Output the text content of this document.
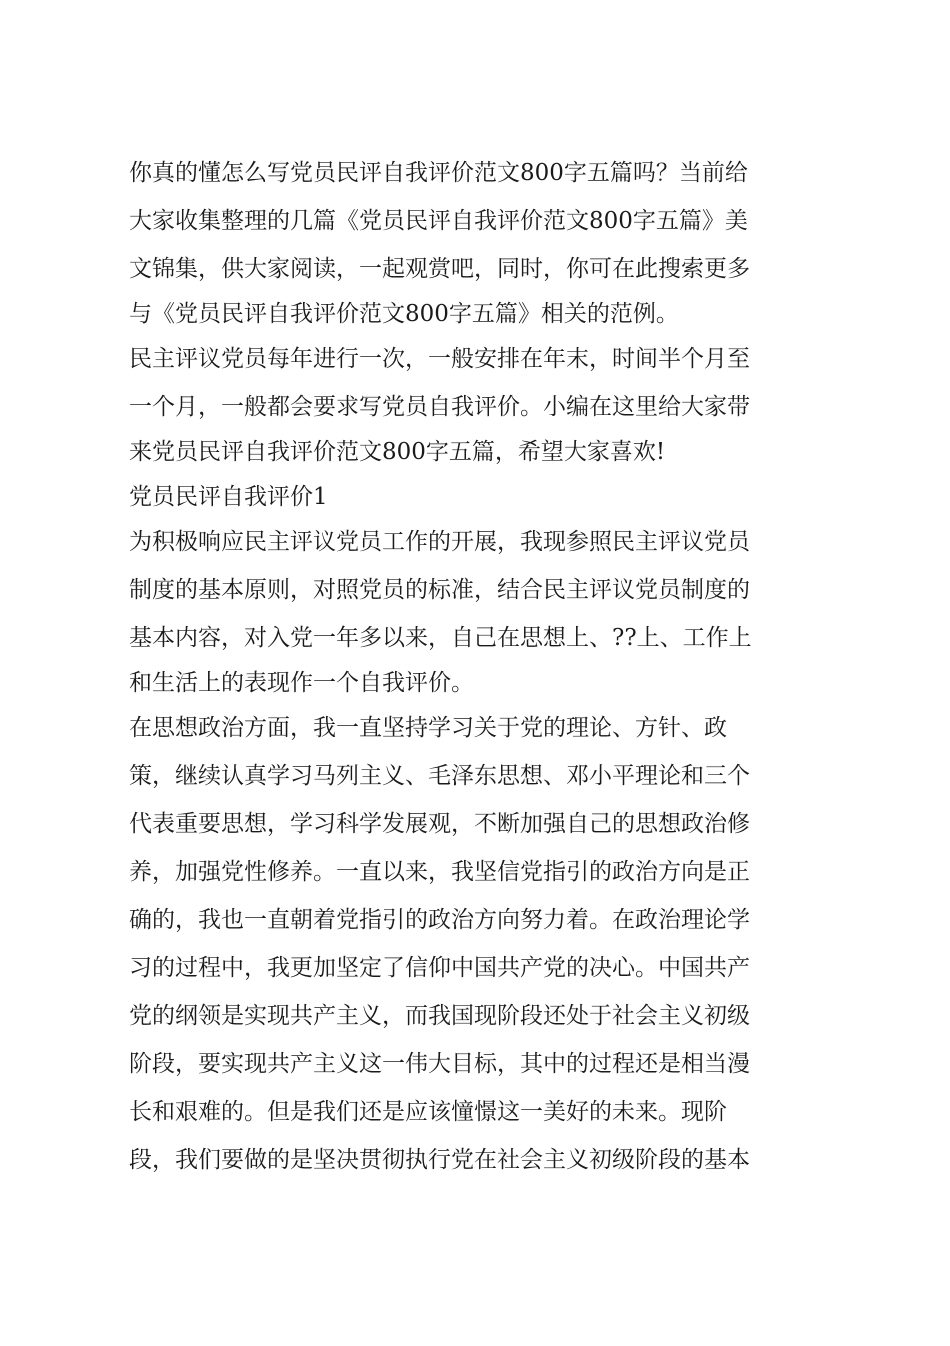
你真的懂怎么写党员民评自我评价范文800字五篇吗？当前给
大家收集整理的几篇《党员民评自我评价范文800字五篇》美
文锦集，供大家阅读，一起观赏吧，同时，你可在此搜索更多
与《党员民评自我评价范文800字五篇》相关的范例。
民主评议党员每年进行一次，一般安排在年末，时间半个月至
一个月，一般都会要求写党员自我评价。小编在这里给大家带
来党员民评自我评价范文800字五篇，希望大家喜欢!
党员民评自我评价1
为积极响应民主评议党员工作的开展，我现参照民主评议党员
制度的基本原则，对照党员的标准，结合民主评议党员制度的
基本内容，对入党一年多以来，自己在思想上、??上、工作上
和生活上的表现作一个自我评价。
在思想政治方面，我一直坚持学习关于党的理论、方针、政
策，继续认真学习马列主义、毛泽东思想、邓小平理论和三个
代表重要思想，学习科学发展观，不断加强自己的思想政治修
养，加强党性修养。一直以来，我坚信党指引的政治方向是正
确的，我也一直朝着党指引的政治方向努力着。在政治理论学
习的过程中，我更加坚定了信仰中国共产党的决心。中国共产
党的纲领是实现共产主义，而我国现阶段还处于社会主义初级
阶段，要实现共产主义这一伟大目标，其中的过程还是相当漫
长和艰难的。但是我们还是应该憧憬这一美好的未来。现阶
段，我们要做的是坚决贯彻执行党在社会主义初级阶段的基本
